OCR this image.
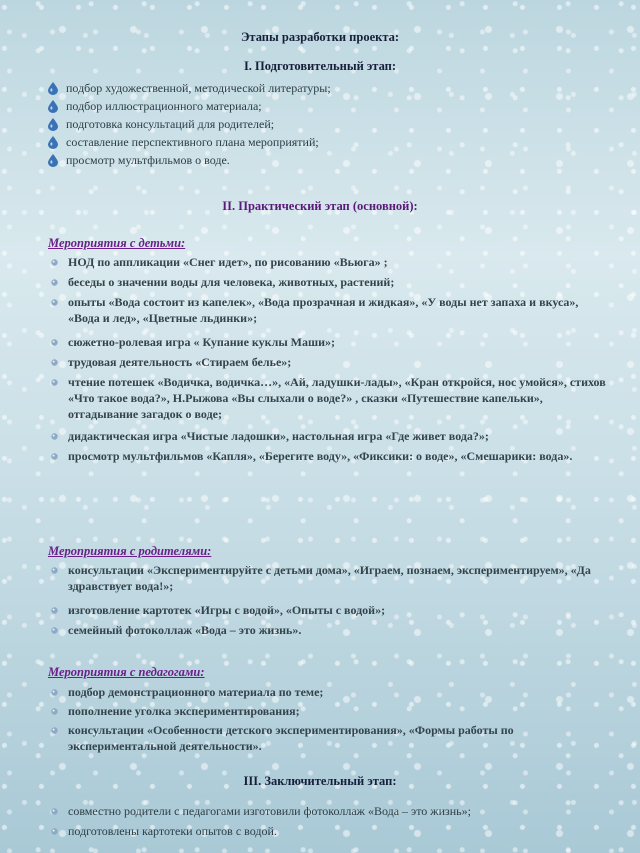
Этапы разработки проекта:
I. Подготовительный этап:
подбор художественной, методической литературы;
подбор иллюстрационного материала;
подготовка консультаций для родителей;
составление перспективного плана мероприятий;
просмотр мультфильмов о воде.
II. Практический этап (основной):
Мероприятия с детьми:
НОД по аппликации «Снег идет», по рисованию «Вьюга» ;
беседы о значении воды для человека, животных, растений;
опыты «Вода состоит из капелек», «Вода прозрачная и жидкая», «У воды нет запаха и вкуса», «Вода и лед», «Цветные льдинки»;
сюжетно-ролевая игра « Купание куклы Маши»;
трудовая деятельность «Стираем белье»;
чтение потешек «Водичка, водичка…», «Ай, ладушки-лады», «Кран откройся, нос умойся», стихов «Что такое вода?», Н.Рыжова «Вы слыхали о воде?» , сказки «Путешествие капельки», отгадывание загадок о воде;
дидактическая игра «Чистые ладошки», настольная игра «Где живет вода?»;
просмотр мультфильмов «Капля», «Берегите воду», «Фиксики: о воде», «Смешарики: вода».
Мероприятия с родителями:
консультации «Экспериментируйте с детьми дома», «Играем, познаем, экспериментируем», «Да здравствует вода!»;
изготовление картотек «Игры с водой», «Опыты с водой»;
семейный фотоколлаж «Вода – это жизнь».
Мероприятия с педагогами:
подбор демонстрационного материала по теме;
пополнение уголка экспериментирования;
консультации «Особенности детского экспериментирования», «Формы работы по экспериментальной деятельности».
III. Заключительный этап:
совместно родители с педагогами изготовили фотоколлаж «Вода – это жизнь»;
подготовлены картотеки опытов с водой.
